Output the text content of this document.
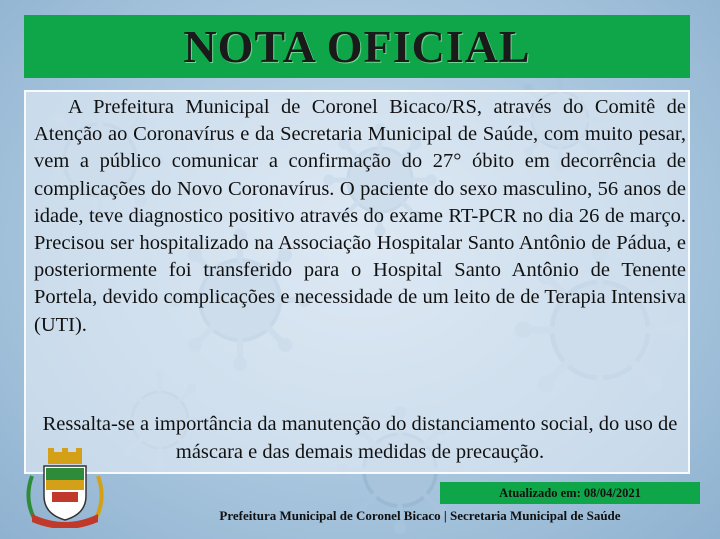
NOTA OFICIAL

A Prefeitura Municipal de Coronel Bicaco/RS, através do Comitê de Atenção ao Coronavírus e da Secretaria Municipal de Saúde, com muito pesar, vem a público comunicar a confirmação do 27° óbito em decorrência de complicações do Novo Coronavírus. O paciente do sexo masculino, 56 anos de idade, teve diagnostico positivo através do exame RT-PCR no dia 26 de março. Precisou ser hospitalizado na Associação Hospitalar Santo Antônio de Pádua, e posteriormente foi transferido para o Hospital Santo Antônio de Tenente Portela, devido complicações e necessidade de um leito de de Terapia Intensiva (UTI).

Ressalta-se a importância da manutenção do distanciamento social, do uso de máscara e das demais medidas de precaução.
Atualizado em: 08/04/2021
Prefeitura Municipal de Coronel Bicaco | Secretaria Municipal de Saúde
